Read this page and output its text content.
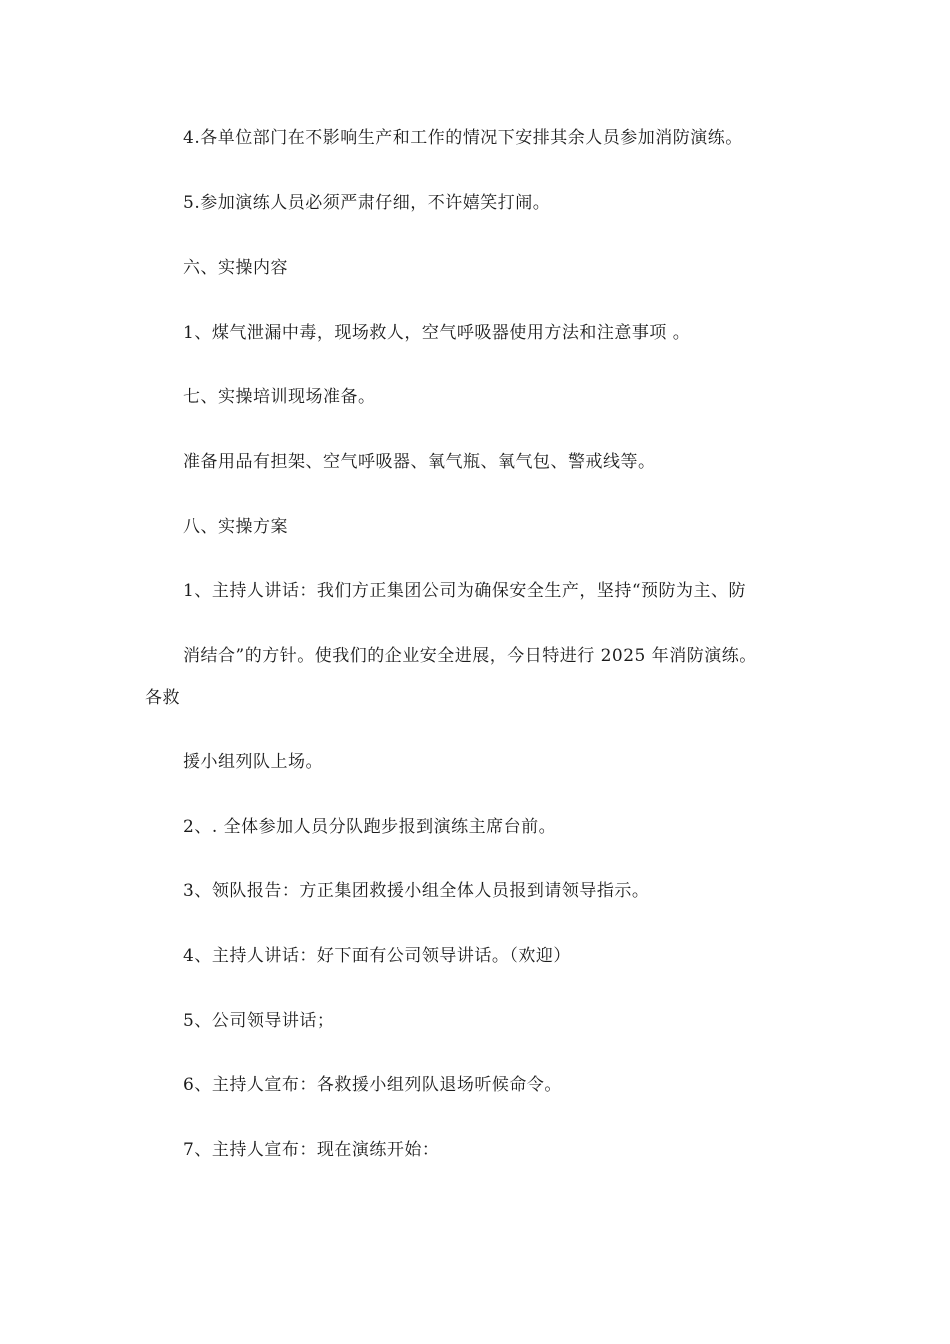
4.各单位部门在不影响生产和工作的情况下安排其余人员参加消防演练。
5.参加演练人员必须严肃仔细，不许嬉笑打闹。
六、实操内容
1、煤气泄漏中毒，现场救人，空气呼吸器使用方法和注意事项 。
七、实操培训现场准备。
准备用品有担架、空气呼吸器、氧气瓶、氧气包、警戒线等。
八、实操方案
1、主持人讲话：我们方正集团公司为确保安全生产，坚持“预防为主、防
消结合”的方针。使我们的企业安全进展，今日特进行 2025 年消防演练。
各救
援小组列队上场。
2、. 全体参加人员分队跑步报到演练主席台前。
3、领队报告：方正集团救援小组全体人员报到请领导指示。
4、主持人讲话：好下面有公司领导讲话。（欢迎）
5、公司领导讲话；
6、主持人宣布：各救援小组列队退场听候命令。
7、主持人宣布：现在演练开始：
